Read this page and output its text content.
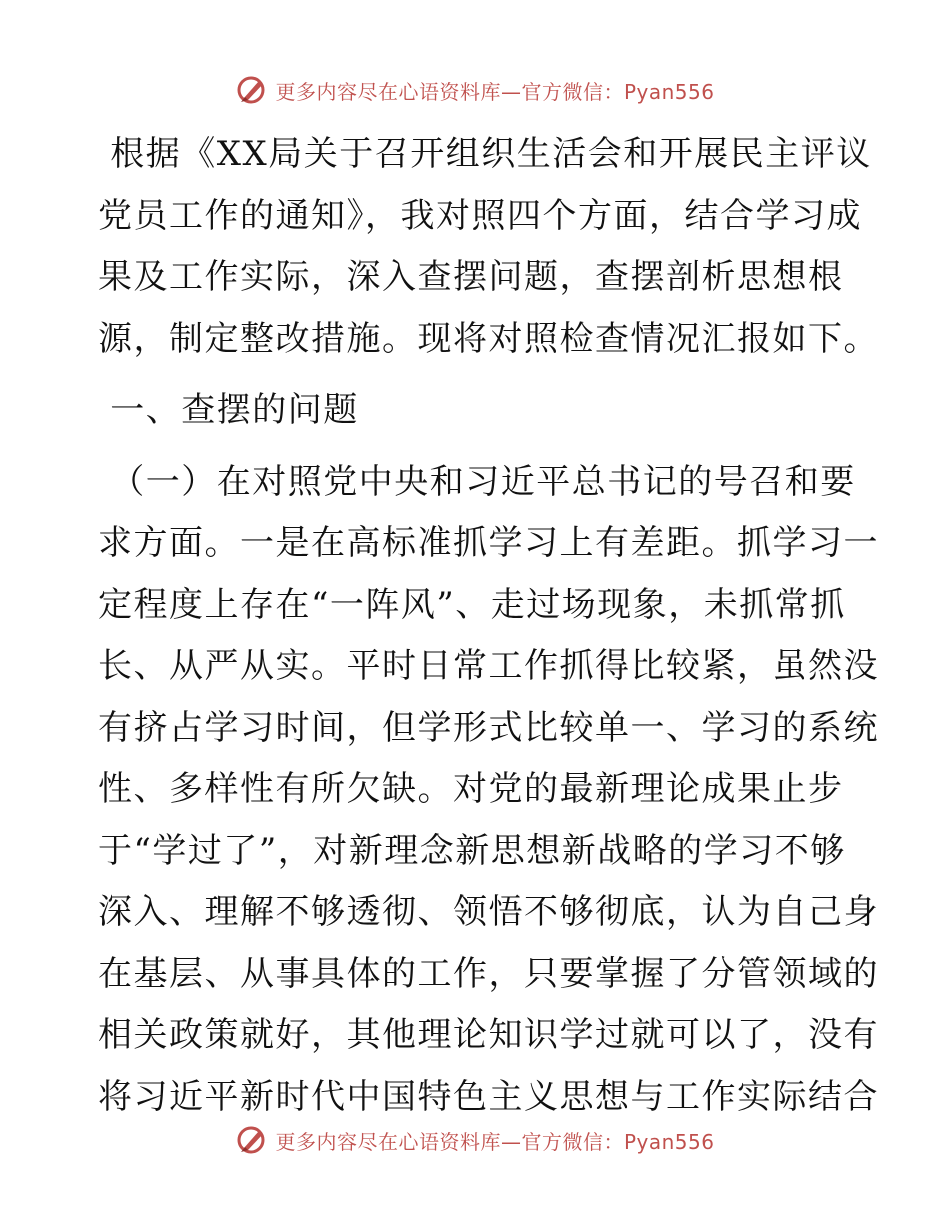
更多内容尽在心语资料库—官方微信：Pyan556
根据《XX局关于召开组织生活会和开展民主评议
党员工作的通知》，我对照四个方面，结合学习成
果及工作实际，深入查摆问题，查摆剖析思想根
源，制定整改措施。现将对照检查情况汇报如下。
一、查摆的问题
（一）在对照党中央和习近平总书记的号召和要
求方面。一是在高标准抓学习上有差距。抓学习一
定程度上存在“一阵风”、走过场现象，未抓常抓
长、从严从实。平时日常工作抓得比较紧，虽然没
有挤占学习时间，但学形式比较单一、学习的系统
性、多样性有所欠缺。对党的最新理论成果止步
于“学过了”，对新理念新思想新战略的学习不够
深入、理解不够透彻、领悟不够彻底，认为自己身
在基层、从事具体的工作，只要掌握了分管领域的
相关政策就好，其他理论知识学过就可以了，没有
将习近平新时代中国特色主义思想与工作实际结合
更多内容尽在心语资料库—官方微信：Pyan556
